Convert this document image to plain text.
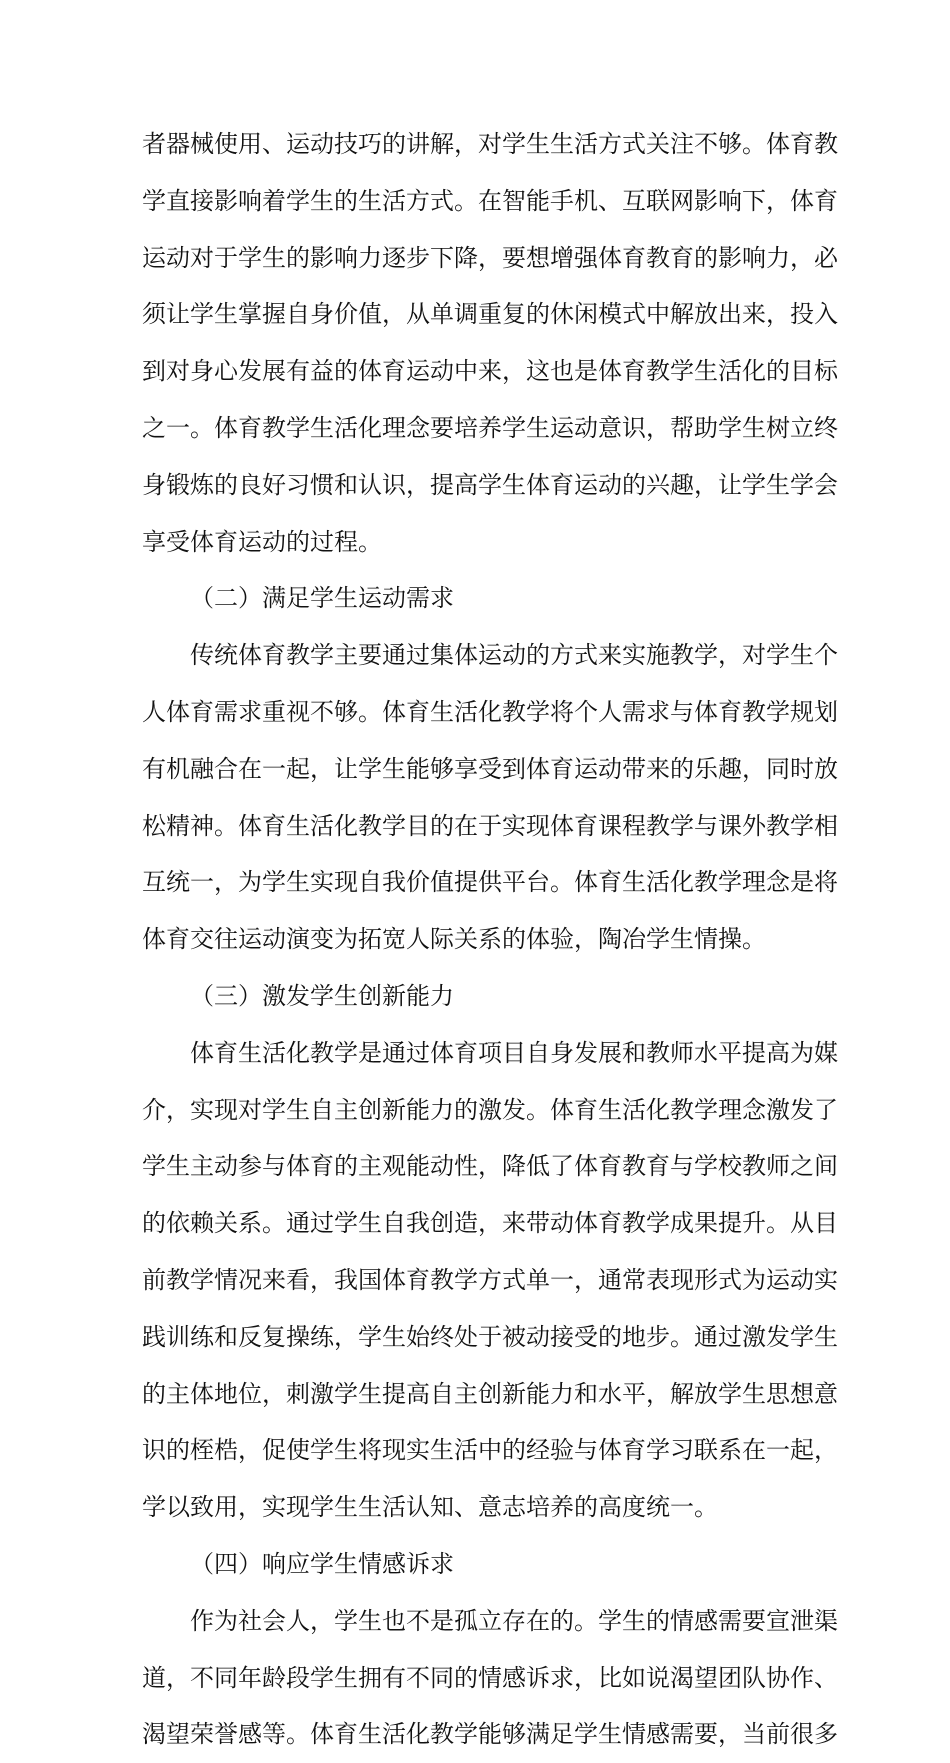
者器械使用、运动技巧的讲解，对学生生活方式关注不够。体育教
学直接影响着学生的生活方式。在智能手机、互联网影响下，体育
运动对于学生的影响力逐步下降，要想增强体育教育的影响力，必
须让学生掌握自身价值，从单调重复的休闲模式中解放出来，投入
到对身心发展有益的体育运动中来，这也是体育教学生活化的目标
之一。体育教学生活化理念要培养学生运动意识，帮助学生树立终
身锻炼的良好习惯和认识，提高学生体育运动的兴趣，让学生学会
享受体育运动的过程。
（二）满足学生运动需求
传统体育教学主要通过集体运动的方式来实施教学，对学生个
人体育需求重视不够。体育生活化教学将个人需求与体育教学规划
有机融合在一起，让学生能够享受到体育运动带来的乐趣，同时放
松精神。体育生活化教学目的在于实现体育课程教学与课外教学相
互统一，为学生实现自我价值提供平台。体育生活化教学理念是将
体育交往运动演变为拓宽人际关系的体验，陶冶学生情操。
（三）激发学生创新能力
体育生活化教学是通过体育项目自身发展和教师水平提高为媒
介，实现对学生自主创新能力的激发。体育生活化教学理念激发了
学生主动参与体育的主观能动性，降低了体育教育与学校教师之间
的依赖关系。通过学生自我创造，来带动体育教学成果提升。从目
前教学情况来看，我国体育教学方式单一，通常表现形式为运动实
践训练和反复操练，学生始终处于被动接受的地步。通过激发学生
的主体地位，刺激学生提高自主创新能力和水平，解放学生思想意
识的桎梏，促使学生将现实生活中的经验与体育学习联系在一起，
学以致用，实现学生生活认知、意志培养的高度统一。
（四）响应学生情感诉求
作为社会人，学生也不是孤立存在的。学生的情感需要宣泄渠
道，不同年龄段学生拥有不同的情感诉求，比如说渴望团队协作、
渴望荣誉感等。体育生活化教学能够满足学生情感需要，当前很多
